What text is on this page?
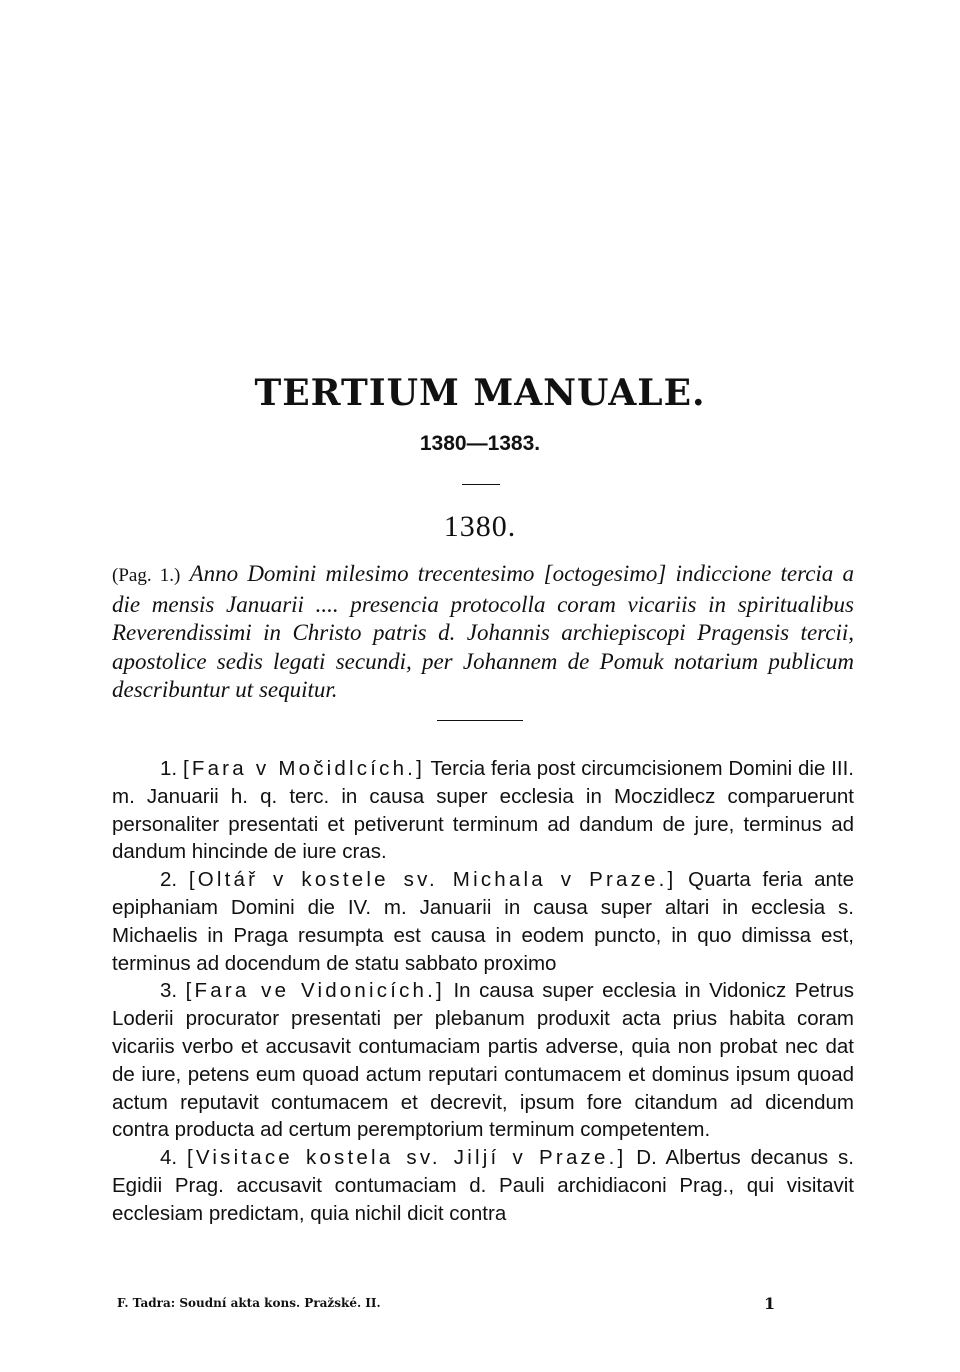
TERTIUM MANUALE.
1380—1383.
1380.
(Pag. 1.) Anno Domini milesimo trecentesimo [octogesimo] indiccione tercia a die mensis Januarii .... presencia protocolla coram vicariis in spiritualibus Reverendissimi in Christo patris d. Johannis archiepiscopi Pragensis tercii, apostolice sedis legati secundi, per Johannem de Pomuk notarium publicum describuntur ut sequitur.

1. [Fara v Močidlcích.] Tercia feria post circumcisionem Domini die III. m. Januarii h. q. terc. in causa super ecclesia in Moczidlecz comparuerunt personaliter presentati et petiverunt terminum ad dandum de jure, terminus ad dandum hincinde de iure cras.

2. [Oltář v kostele sv. Michala v Praze.] Quarta feria ante epiphaniam Domini die IV. m. Januarii in causa super altari in ecclesia s. Michaelis in Praga resumpta est causa in eodem puncto, in quo dimissa est, terminus ad docendum de statu sabbato proximo

3. [Fara ve Vidonicích.] In causa super ecclesia in Vidonicz Petrus Loderii procurator presentati per plebanum produxit acta prius habita coram vicariis verbo et accusavit contumaciam partis adverse, quia non probat nec dat de iure, petens eum quoad actum reputari contumacem et dominus ipsum quoad actum reputavit contumacem et decrevit, ipsum fore citandum ad dicendum contra producta ad certum peremptorium terminum competentem.

4. [Visitace kostela sv. Jiljí v Praze.] D. Albertus decanus s. Egidii Prag. accusavit contumaciam d. Pauli archidiaconi Prag., qui visitavit ecclesiam predictam, quia nichil dicit contra

F. Tadra: Soudní akta kons. Pražské. II.	1
